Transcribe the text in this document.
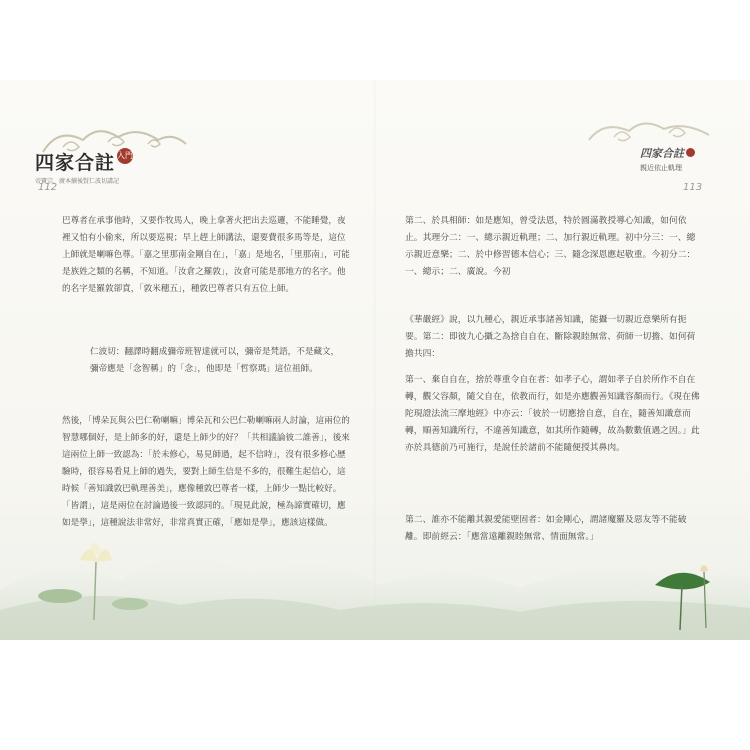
四家合註 入門
帝寶宗．廣本續後賢仁波切講記
112
四家合註
親近依止軌理
113

巴尊者在承事他時，又要作牧馬人，晚上拿著火把出去巡邏，不能睡覺，夜裡又怕有小偷來，所以要巡視；早上趕上師講法，還要費很多馬等是，這位上師就是喇嘛色尊。「嘉之里那南金剛自在」，「嘉」是地名，「里那南」，可能是族姓之類的名稱，不知道。「汝倉之羅敦」，汝倉可能是那地方的名字。他的名字是羅敦卻賁，「敦米穗五」，種敦巴尊者只有五位上師。

仁波切：翻譯時翻成彌帝班智達就可以，彌帝是梵語，不是藏文，彌帝應是「念智稱」的「念」，他即是「哲察瑪」這位祖師。

然後，「博朵瓦與公巴仁勒喇嘛」博朵瓦和公巴仁勒喇嘛兩人討論，這兩位的智慧哪個好，是上師多的好，還是上師少的好？「共相議論彼二誰善」，後來這兩位上師一致認為：「於未修心，易見師過，起不信時」，沒有很多修心歷驗時，很容易看見上師的過失，要對上師生信是不多的，很難生起信心，這時候「善知識敦巴軌理善美」，應像種敦巴尊者一樣，上師少一點比較好。「皆謂」，這是兩位在討論過後一致認同的。「現見此說，極為諦實確切，應如是學」，這種說法非常好，非常真實正確，「應如是學」，應該這樣做。

第二、於具相師：如是應知，曾受法恩，特於圓滿教授導心知識，如何依止。其理分二：一、總示親近軌理；二、加行親近軌理。初中分三：一、總示親近意樂；二、於中修習德本信心；三、隨念深恩應起敬重。今初分二：一、總示；二、廣說。今初

《華嚴經》說，以九種心，親近承事諸善知識，能攝一切親近意樂所有扼要。第二：即彼九心攝之為捨自自在、斷除親睦無常、荷師一切擔、如何荷擔共四：

第一、棄自自在，捨於尊重令自在者：如孝子心，謂如孝子自於所作不自在轉，觀父容顏，隨父自在，依教而行，如是亦應觀善知識容顏而行。《現在佛陀現證法流三摩地經》中亦云：「彼於一切應捨自意，自在，隨善知識意而轉，順善知識所行，不違善知識意，如其所作隨轉，故為數數值遇之因。」此亦於具德前乃可施行，是說任於諸前不能隨便授其鼻肉。

第二、誰亦不能離其親愛能壁固者：如金剛心，謂諸魔羅及惡友等不能破離。即前經云：「應當遠離親睦無常、情面無常。」
